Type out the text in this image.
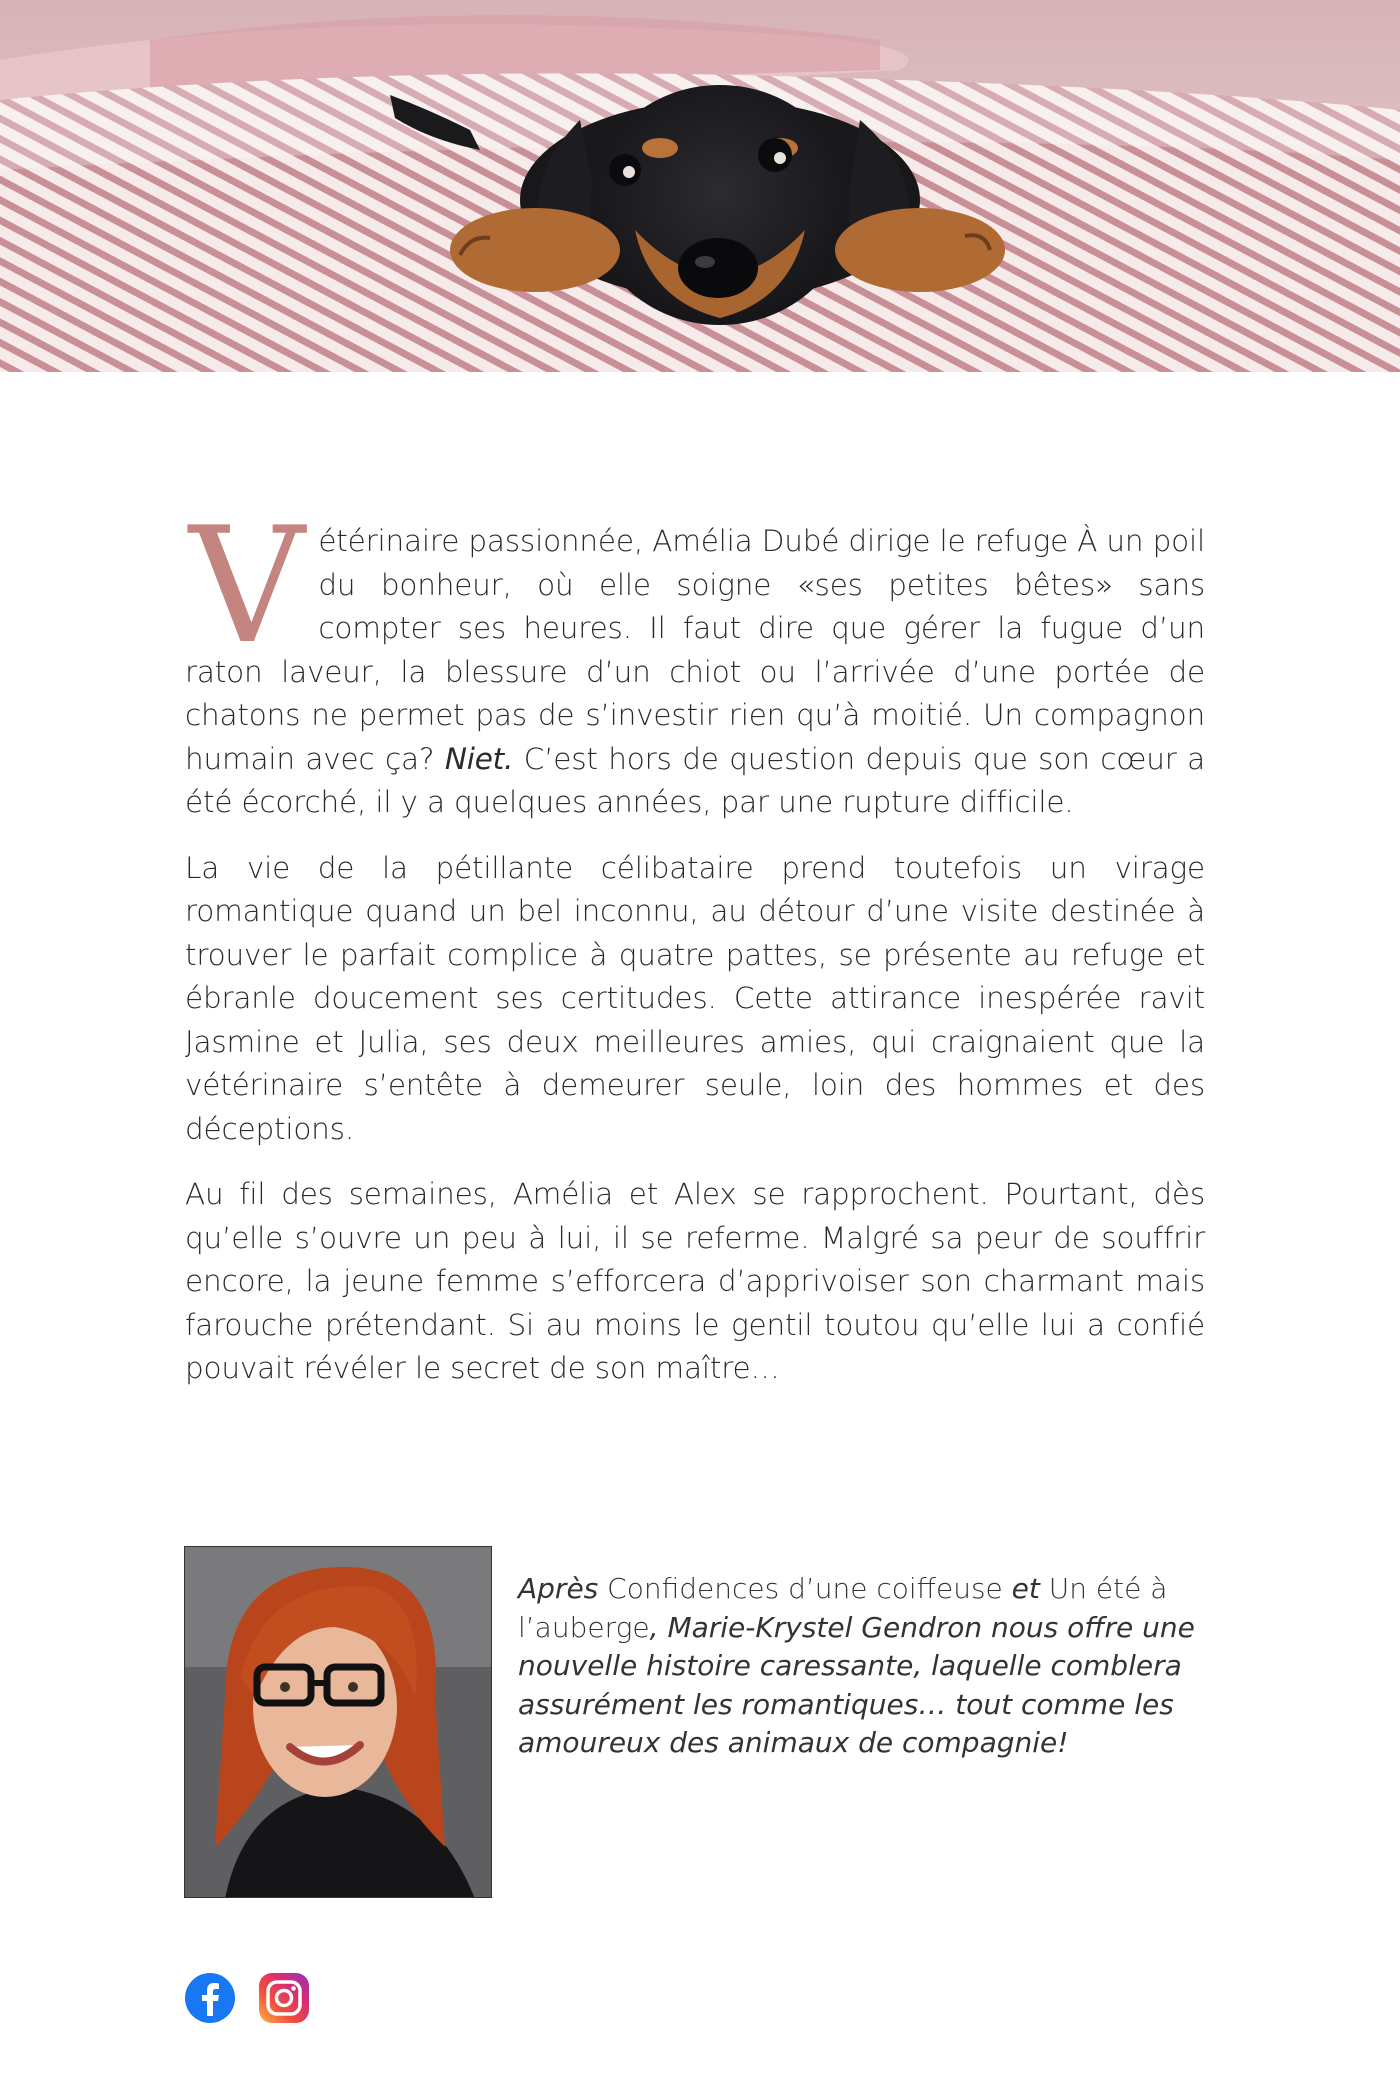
Vétérinaire passionnée, Amélia Dubé dirige le refuge À un poil du bonheur, où elle soigne «ses petites bêtes» sans compter ses heures. Il faut dire que gérer la fugue d’un raton laveur, la blessure d’un chiot ou l’arrivée d’une portée de chatons ne permet pas de s’investir rien qu’à moitié. Un compagnon humain avec ça? Niet. C’est hors de question depuis que son cœur a été écorché, il y a quelques années, par une rupture difficile.

La vie de la pétillante célibataire prend toutefois un virage romantique quand un bel inconnu, au détour d’une visite destinée à trouver le parfait complice à quatre pattes, se présente au refuge et ébranle doucement ses certitudes. Cette attirance inespérée ravit Jasmine et Julia, ses deux meilleures amies, qui craignaient que la vétérinaire s’entête à demeurer seule, loin des hommes et des déceptions.

Au fil des semaines, Amélia et Alex se rapprochent. Pourtant, dès qu’elle s’ouvre un peu à lui, il se referme. Malgré sa peur de souffrir encore, la jeune femme s’efforcera d’apprivoiser son charmant mais farouche prétendant. Si au moins le gentil toutou qu’elle lui a confié pouvait révéler le secret de son maître…

Après Confidences d’une coiffeuse et Un été à l’auberge, Marie-Krystel Gendron nous offre une nouvelle histoire caressante, laquelle comblera assurément les romantiques… tout comme les amoureux des animaux de compagnie!
